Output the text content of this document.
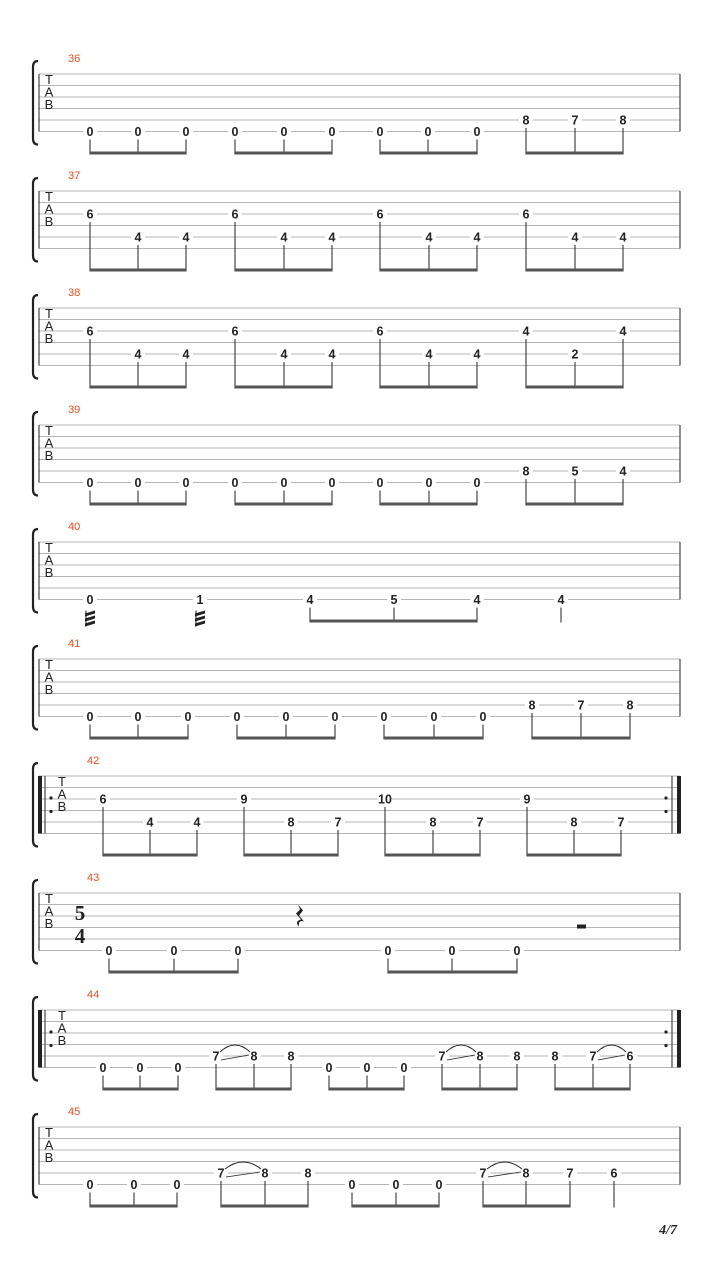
36
T
A
B
0	0	0	0	0	0	0	0	0
8	7	8
37
T
A
B	6
4	4
6
4	4
6
4	4
6
4	4
38
T
A
B	6
4	4
6
4	4
6
4	4
4
2
4
39
T
A
B
0	0	0	0	0	0	0	0	0
8	5	4
40
T
A
B
0	1	4	5	4	4
41
T
A
B
0	0	0	0	0	0	0	0	0
8	7	8
42
T
A
B	6
4	4
9
8	7
10
8	7
9
8	7
43
T
A
B 5
4
0	0	0	0	0	0
44
T
A
B
0 0 0
7 8 8
0 0 0
7 8 8 8 7 6
45
T
A
B
0	0	0
7	8	8
0	0	0
7	8	7	6
4/7
